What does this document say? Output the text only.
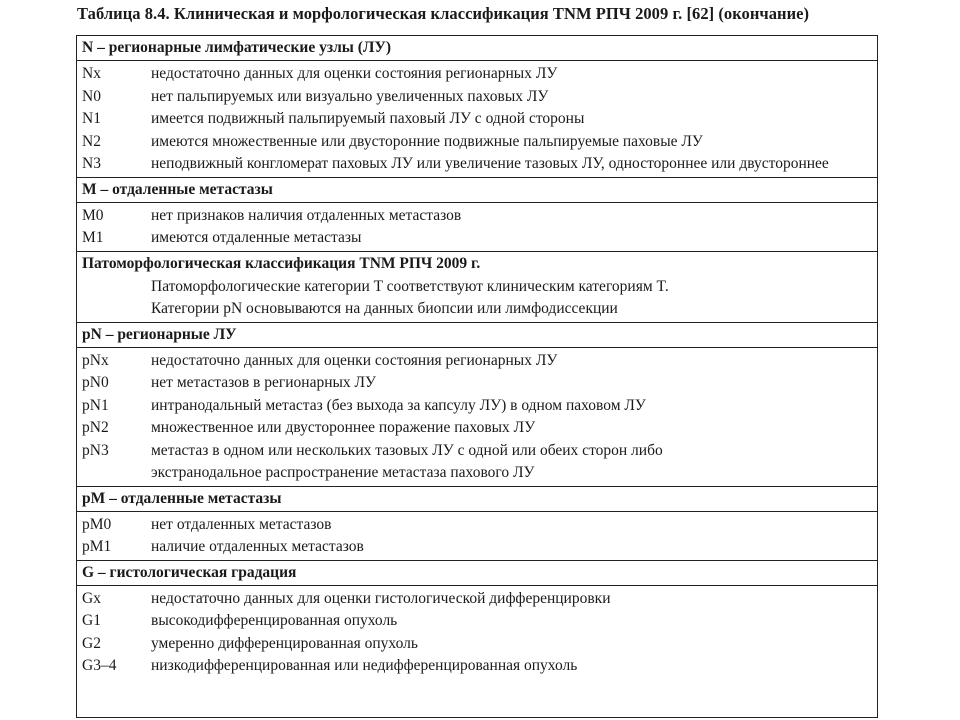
Таблица 8.4. Клиническая и морфологическая классификация TNM РПЧ 2009 г. [62] (окончание)
N – регионарные лимфатические узлы (ЛУ)
Nx	недостаточно данных для оценки состояния регионарных ЛУ
N0	нет пальпируемых или визуально увеличенных паховых ЛУ
N1	имеется подвижный пальпируемый паховый ЛУ с одной стороны
N2	имеются множественные или двусторонние подвижные пальпируемые паховые ЛУ
N3	неподвижный конгломерат паховых ЛУ или увеличение тазовых ЛУ, одностороннее или двустороннее
M – отдаленные метастазы
M0	нет признаков наличия отдаленных метастазов
M1	имеются отдаленные метастазы
Патоморфологическая классификация TNM РПЧ 2009 г.
Патоморфологические категории T соответствуют клиническим категориям T.
Категории pN основываются на данных биопсии или лимфодиссекции
pN – регионарные ЛУ
pNx	недостаточно данных для оценки состояния регионарных ЛУ
pN0	нет метастазов в регионарных ЛУ
pN1	интранодальный метастаз (без выхода за капсулу ЛУ) в одном паховом ЛУ
pN2	множественное или двустороннее поражение паховых ЛУ
pN3	метастаз в одном или нескольких тазовых ЛУ с одной или обеих сторон либо экстранодальное распространение метастаза пахового ЛУ
pM – отдаленные метастазы
pM0	нет отдаленных метастазов
pM1	наличие отдаленных метастазов
G – гистологическая градация
Gx	недостаточно данных для оценки гистологической дифференцировки
G1	высокодифференцированная опухоль
G2	умеренно дифференцированная опухоль
G3–4	низкодифференцированная или недифференцированная опухоль
